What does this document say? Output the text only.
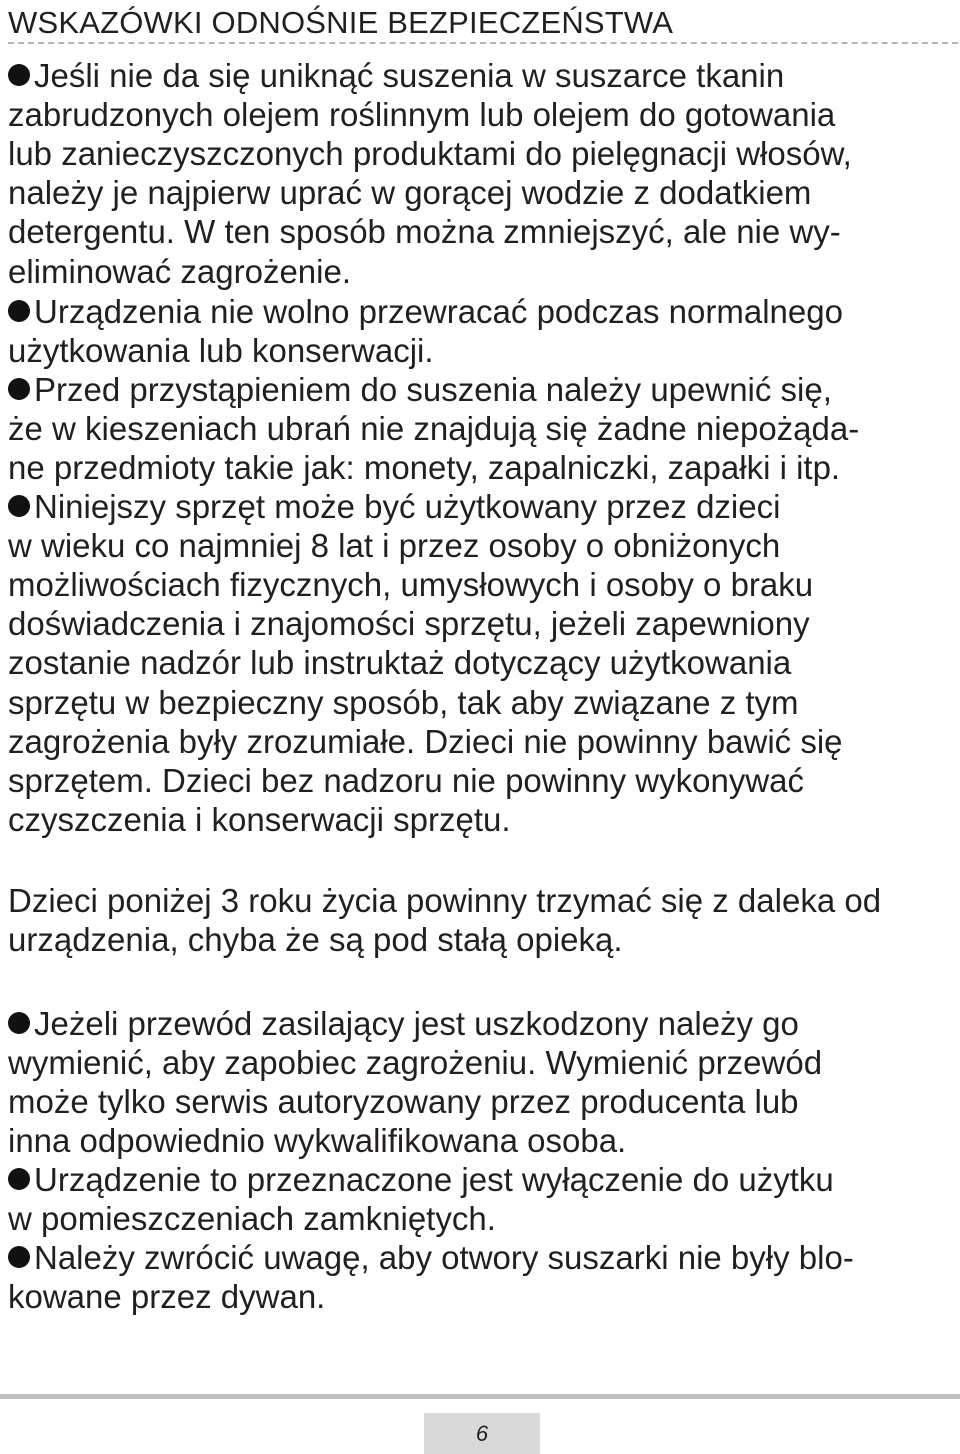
WSKAZÓWKI ODNOŚNIE BEZPIECZEŃSTWA
Jeśli nie da się uniknąć suszenia w suszarce tkanin
zabrudzonych olejem roślinnym lub olejem do gotowania
lub zanieczyszczonych produktami do pielęgnacji włosów,
należy je najpierw uprać w gorącej wodzie z dodatkiem
detergentu. W ten sposób można zmniejszyć, ale nie wy-
eliminować zagrożenie.
Urządzenia nie wolno przewracać podczas normalnego
użytkowania lub konserwacji.
Przed przystąpieniem do suszenia należy upewnić się,
że w kieszeniach ubrań nie znajdują się żadne niepożąda-
ne przedmioty takie jak: monety, zapalniczki, zapałki i itp.
Niniejszy sprzęt może być użytkowany przez dzieci
w wieku co najmniej 8 lat i przez osoby o obniżonych
możliwościach fizycznych, umysłowych i osoby o braku
doświadczenia i znajomości sprzętu, jeżeli zapewniony
zostanie nadzór lub instruktaż dotyczący użytkowania
sprzętu w bezpieczny sposób, tak aby związane z tym
zagrożenia były zrozumiałe. Dzieci nie powinny bawić się
sprzętem. Dzieci bez nadzoru nie powinny wykonywać
czyszczenia i konserwacji sprzętu.
Dzieci poniżej 3 roku życia powinny trzymać się z daleka od
urządzenia, chyba że są pod stałą opieką.
Jeżeli przewód zasilający jest uszkodzony należy go
wymienić, aby zapobiec zagrożeniu. Wymienić przewód
może tylko serwis autoryzowany przez producenta lub
inna odpowiednio wykwalifikowana osoba.
Urządzenie to przeznaczone jest wyłączenie do użytku
w pomieszczeniach zamkniętych.
Należy zwrócić uwagę, aby otwory suszarki nie były blo-
kowane przez dywan.
6
